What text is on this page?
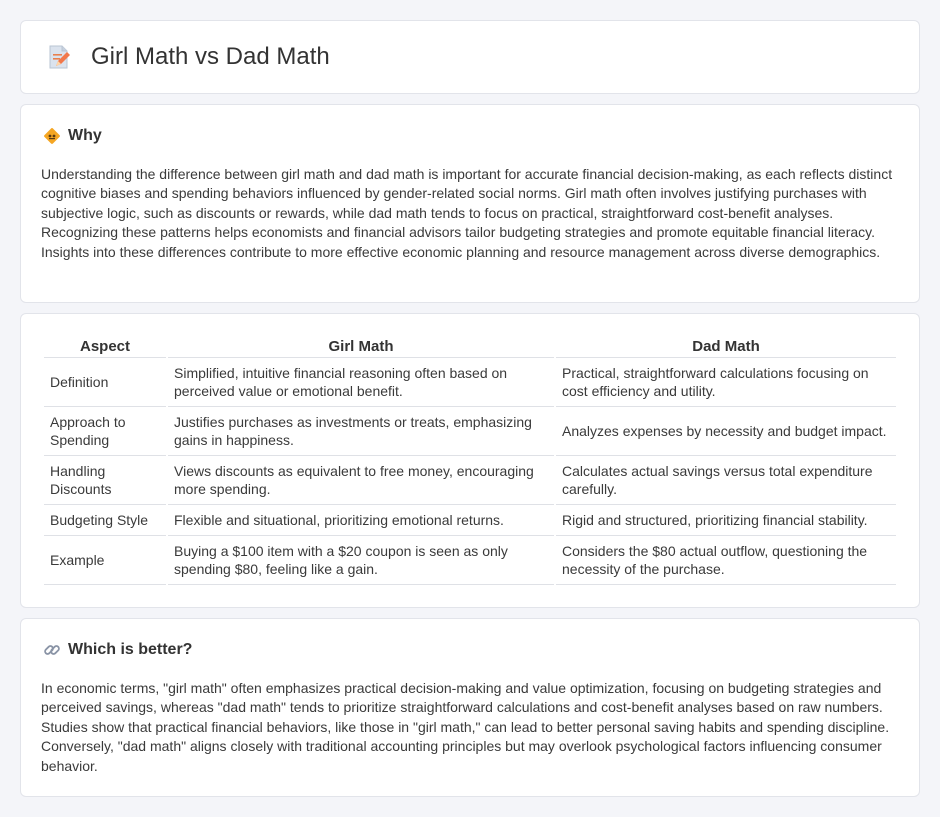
Girl Math vs Dad Math
Why

Understanding the difference between girl math and dad math is important for accurate financial decision-making, as each reflects distinct cognitive biases and spending behaviors influenced by gender-related social norms. Girl math often involves justifying purchases with subjective logic, such as discounts or rewards, while dad math tends to focus on practical, straightforward cost-benefit analyses. Recognizing these patterns helps economists and financial advisors tailor budgeting strategies and promote equitable financial literacy. Insights into these differences contribute to more effective economic planning and resource management across diverse demographics.

Aspect	Girl Math	Dad Math
Definition	Simplified, intuitive financial reasoning often based on perceived value or emotional benefit.	Practical, straightforward calculations focusing on cost efficiency and utility.
Approach to Spending	Justifies purchases as investments or treats, emphasizing gains in happiness.	Analyzes expenses by necessity and budget impact.
Handling Discounts	Views discounts as equivalent to free money, encouraging more spending.	Calculates actual savings versus total expenditure carefully.
Budgeting Style	Flexible and situational, prioritizing emotional returns.	Rigid and structured, prioritizing financial stability.
Example	Buying a $100 item with a $20 coupon is seen as only spending $80, feeling like a gain.	Considers the $80 actual outflow, questioning the necessity of the purchase.
Which is better?

In economic terms, "girl math" often emphasizes practical decision-making and value optimization, focusing on budgeting strategies and perceived savings, whereas "dad math" tends to prioritize straightforward calculations and cost-benefit analyses based on raw numbers. Studies show that practical financial behaviors, like those in "girl math," can lead to better personal saving habits and spending discipline. Conversely, "dad math" aligns closely with traditional accounting principles but may overlook psychological factors influencing consumer behavior.
